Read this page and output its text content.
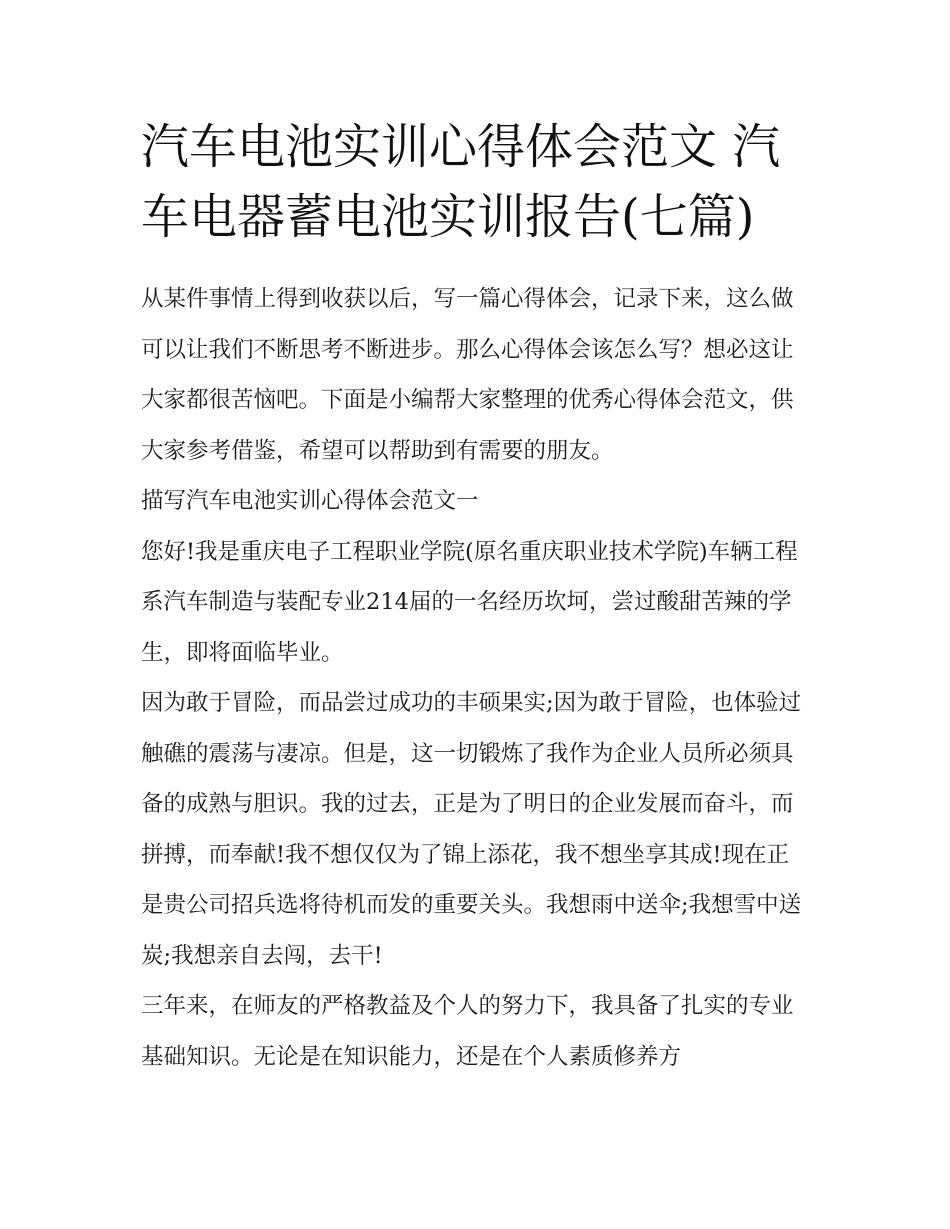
汽车电池实训心得体会范文 汽车电器蓄电池实训报告(七篇)

从某件事情上得到收获以后，写一篇心得体会，记录下来，这么做可以让我们不断思考不断进步。那么心得体会该怎么写？想必这让大家都很苦恼吧。下面是小编帮大家整理的优秀心得体会范文，供大家参考借鉴，希望可以帮助到有需要的朋友。

描写汽车电池实训心得体会范文一

您好!我是重庆电子工程职业学院(原名重庆职业技术学院)车辆工程系汽车制造与装配专业214届的一名经历坎坷，尝过酸甜苦辣的学生，即将面临毕业。

因为敢于冒险，而品尝过成功的丰硕果实;因为敢于冒险，也体验过触礁的震荡与凄凉。但是，这一切锻炼了我作为企业人员所必须具备的成熟与胆识。我的过去，正是为了明日的企业发展而奋斗，而拼搏，而奉献!我不想仅仅为了锦上添花，我不想坐享其成!现在正是贵公司招兵选将待机而发的重要关头。我想雨中送伞;我想雪中送炭;我想亲自去闯，去干!

三年来，在师友的严格教益及个人的努力下，我具备了扎实的专业基础知识。无论是在知识能力，还是在个人素质修养方
